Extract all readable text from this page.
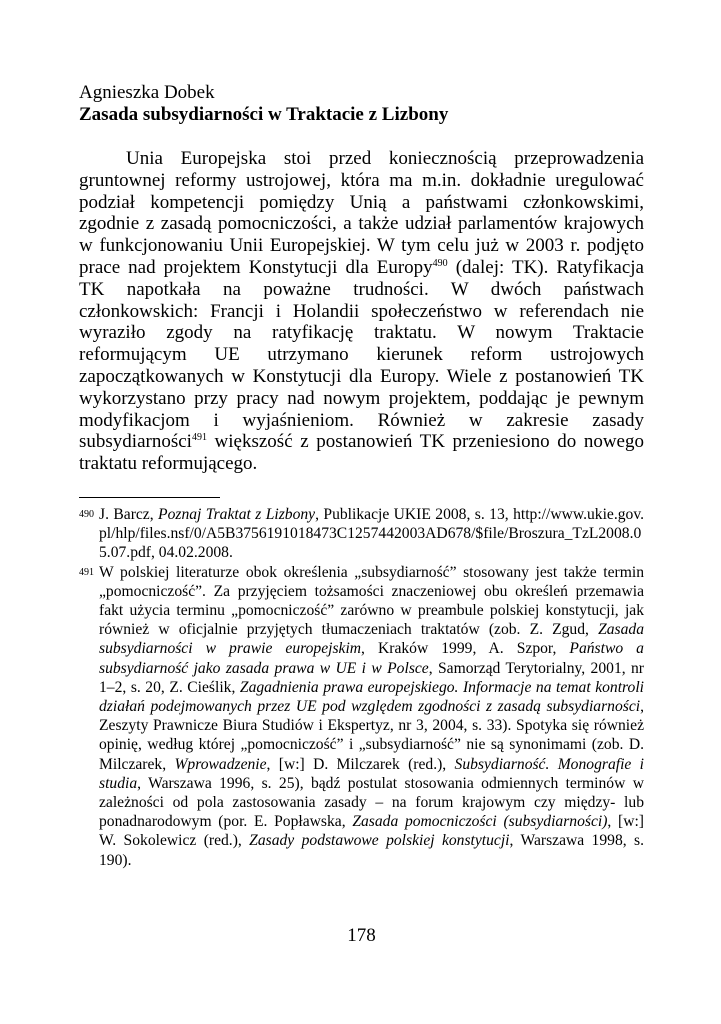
Agnieszka Dobek
Zasada subsydiarności w Traktacie z Lizbony

Unia Europejska stoi przed koniecznością przeprowadzenia gruntownej reformy ustrojowej, która ma m.in. dokładnie uregulować podział kompetencji pomiędzy Unią a państwami członkowskimi, zgodnie z zasadą pomocniczości, a także udział parlamentów krajowych w funkcjonowaniu Unii Europejskiej. W tym celu już w 2003 r. podjęto prace nad projektem Konstytucji dla Europy$^{490}$ (dalej: TK). Ratyfikacja TK napotkała na poważne trudności. W dwóch państwach członkowskich: Francji i Holandii społeczeństwo w referendach nie wyraziło zgody na ratyfikację traktatu. W nowym Traktacie reformującym UE utrzymano kierunek reform ustrojowych zapoczątkowanych w Konstytucji dla Europy. Wiele z postanowień TK wykorzystano przy pracy nad nowym projektem, poddając je pewnym modyfikacjom i wyjaśnieniom. Również w zakresie zasady subsydiarności$^{491}$ większość z postanowień TK przeniesiono do nowego traktatu reformującego.

490 J. Barcz, Poznaj Traktat z Lizbony, Publikacje UKIE 2008, s. 13, http://www.ukie.gov.pl/hlp/files.nsf/0/A5B3756191018473C1257442003AD678/$file/Broszura_TzL2008.05.07.pdf, 04.02.2008.

491 W polskiej literaturze obok określenia „subsydiarność” stosowany jest także termin „pomocniczość”. Za przyjęciem tożsamości znaczeniowej obu określeń przemawia fakt użycia terminu „pomocniczość” zarówno w preambule polskiej konstytucji, jak również w oficjalnie przyjętych tłumaczeniach traktatów (zob. Z. Zgud, Zasada subsydiarności w prawie europejskim, Kraków 1999, A. Szpor, Państwo a subsydiarność jako zasada prawa w UE i w Polsce, Samorząd Terytorialny, 2001, nr 1–2, s. 20, Z. Cieślik, Zagadnienia prawa europejskiego. Informacje na temat kontroli działań podejmowanych przez UE pod względem zgodności z zasadą subsydiarności, Zeszyty Prawnicze Biura Studiów i Ekspertyz, nr 3, 2004, s. 33). Spotyka się również opinię, według której „pomocniczość” i „subsydiarność” nie są synonimami (zob. D. Milczarek, Wprowadzenie, [w:] D. Milczarek (red.), Subsydiarność. Monografie i studia, Warszawa 1996, s. 25), bądź postulat stosowania odmiennych terminów w zależności od pola zastosowania zasady – na forum krajowym czy między- lub ponadnarodowym (por. E. Popławska, Zasada pomocniczości (subsydiarności), [w:] W. Sokolewicz (red.), Zasady podstawowe polskiej konstytucji, Warszawa 1998, s. 190).

178
